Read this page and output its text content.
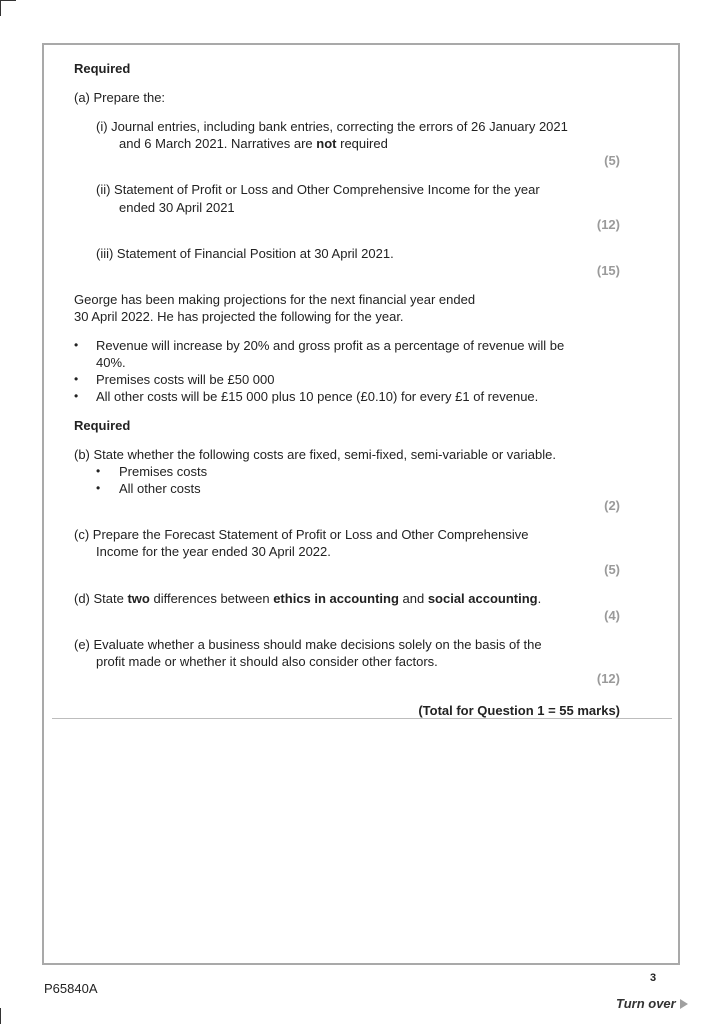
Required
(a) Prepare the:
(i) Journal entries, including bank entries, correcting the errors of 26 January 2021
and 6 March 2021. Narratives are not required
(5)
(ii) Statement of Profit or Loss and Other Comprehensive Income for the year
ended 30 April 2021
(12)
(iii) Statement of Financial Position at 30 April 2021.
(15)
George has been making projections for the next financial year ended
30 April 2022. He has projected the following for the year.
• Revenue will increase by 20% and gross profit as a percentage of revenue will be
40%.
• Premises costs will be £50 000
• All other costs will be £15 000 plus 10 pence (£0.10) for every £1 of revenue.
Required
(b) State whether the following costs are fixed, semi-fixed, semi-variable or variable.
• Premises costs
• All other costs
(2)
(c) Prepare the Forecast Statement of Profit or Loss and Other Comprehensive
Income for the year ended 30 April 2022.
(5)
(d) State two differences between ethics in accounting and social accounting.
(4)
(e) Evaluate whether a business should make decisions solely on the basis of the
profit made or whether it should also consider other factors.
(12)
(Total for Question 1 = 55 marks)
3
P65840A
Turn over
